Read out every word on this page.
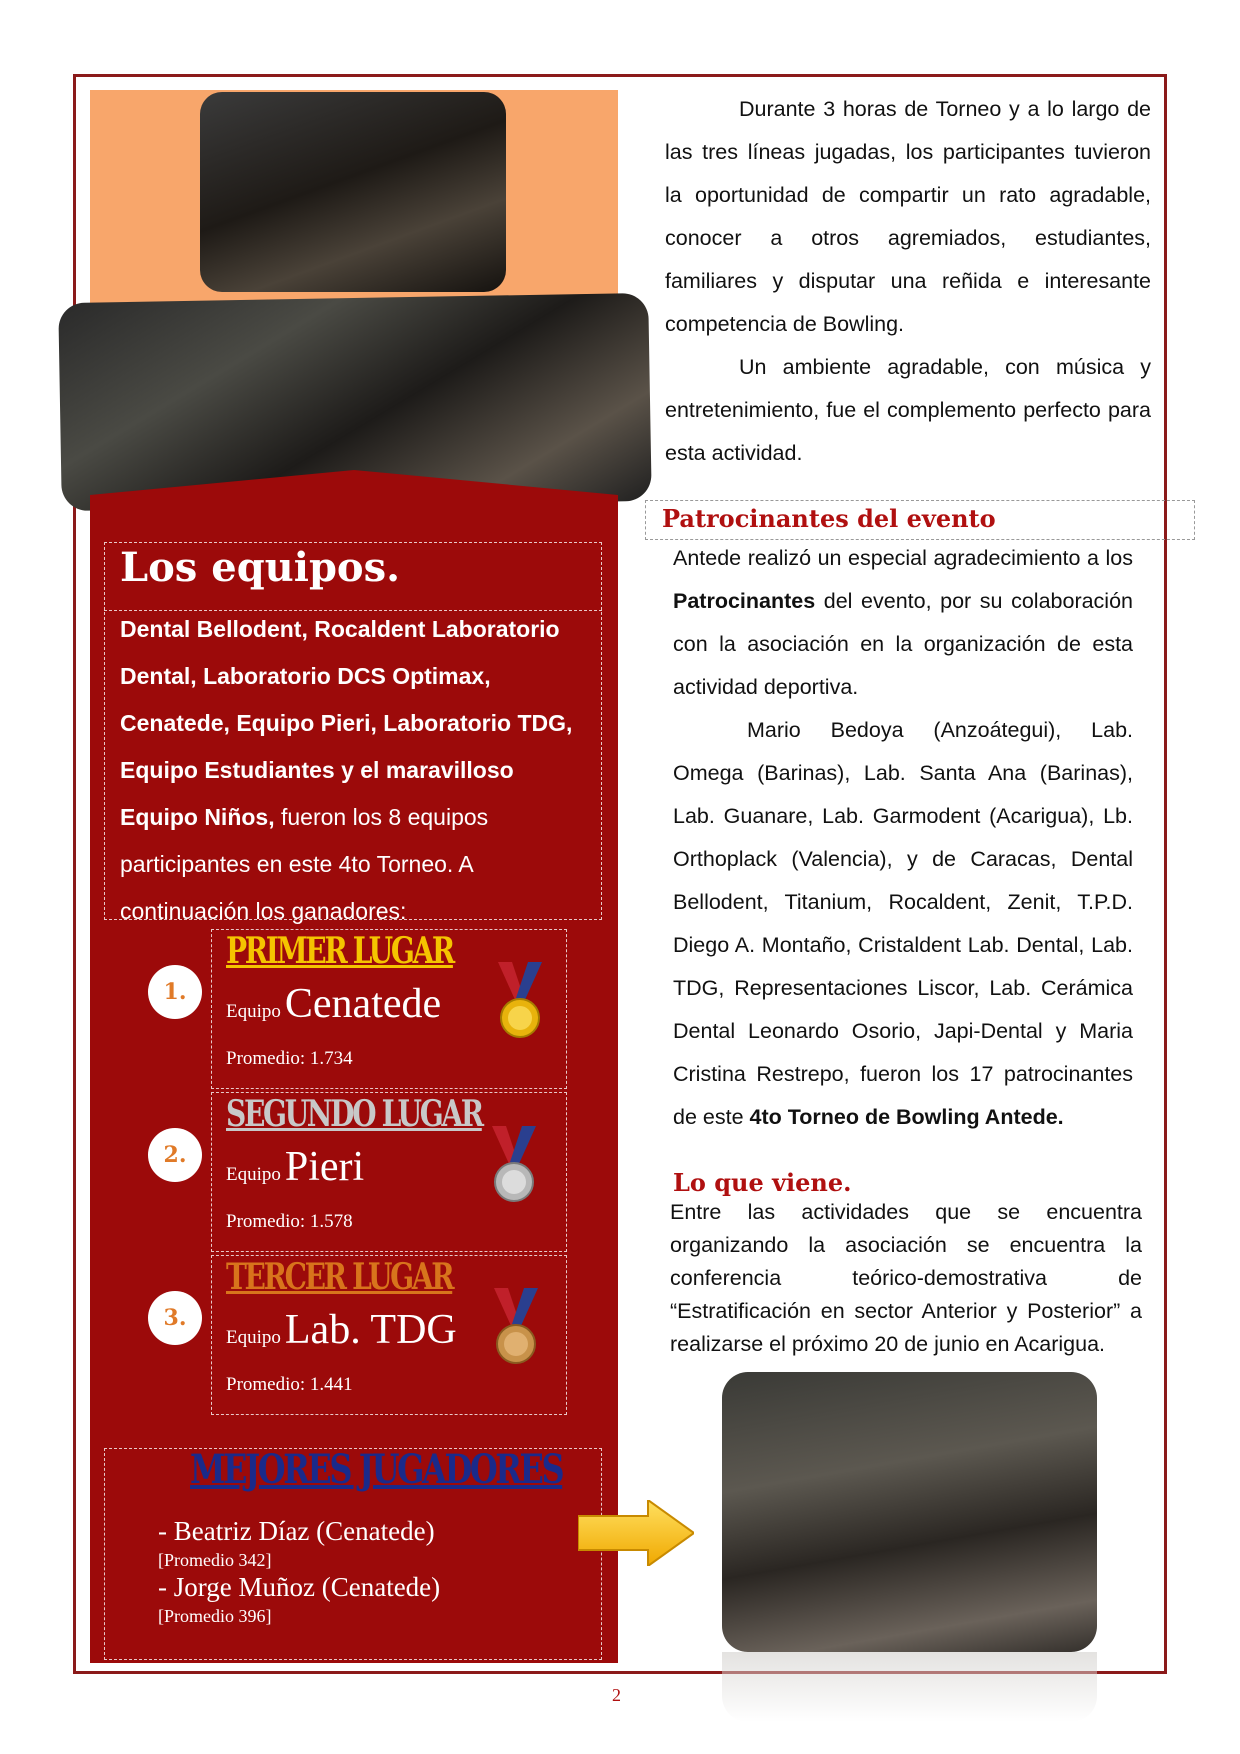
Los equipos.
Dental Bellodent, Rocaldent Laboratorio Dental, Laboratorio DCS Optimax, Cenatede, Equipo Pieri, Laboratorio TDG, Equipo Estudiantes y el maravilloso Equipo Niños, fueron los 8 equipos participantes en este 4to Torneo. A continuación los ganadores:
1.
PRIMER LUGAR
Equipo Cenatede
Promedio: 1.734
2.
SEGUNDO LUGAR
Equipo Pieri
Promedio: 1.578
3.
TERCER LUGAR
Equipo Lab. TDG
Promedio: 1.441
MEJORES JUGADORES
- Beatriz Díaz (Cenatede)
[Promedio 342]
- Jorge Muñoz (Cenatede)
[Promedio 396]

Durante 3 horas de Torneo y a lo largo de las tres líneas jugadas, los participantes tuvieron la oportunidad de compartir un rato agradable, conocer a otros agremiados, estudiantes, familiares y disputar una reñida e interesante competencia de Bowling.

Un ambiente agradable, con música y entretenimiento, fue el complemento perfecto para esta actividad.

Patrocinantes del evento

Antede realizó un especial agradecimiento a los Patrocinantes del evento, por su colaboración con la asociación en la organización de esta actividad deportiva.

Mario Bedoya (Anzoátegui), Lab. Omega (Barinas), Lab. Santa Ana (Barinas), Lab. Guanare, Lab. Garmodent (Acarigua), Lb. Orthoplack (Valencia), y de Caracas, Dental Bellodent, Titanium, Rocaldent, Zenit, T.P.D. Diego A. Montaño, Cristaldent Lab. Dental, Lab. TDG, Representaciones Liscor, Lab. Cerámica Dental Leonardo Osorio, Japi-Dental y Maria Cristina Restrepo, fueron los 17 patrocinantes de este 4to Torneo de Bowling Antede.

Lo que viene.

Entre las actividades que se encuentra organizando la asociación se encuentra la conferencia teórico-demostrativa de “Estratificación en sector Anterior y Posterior” a realizarse el próximo 20 de junio en Acarigua.

2
